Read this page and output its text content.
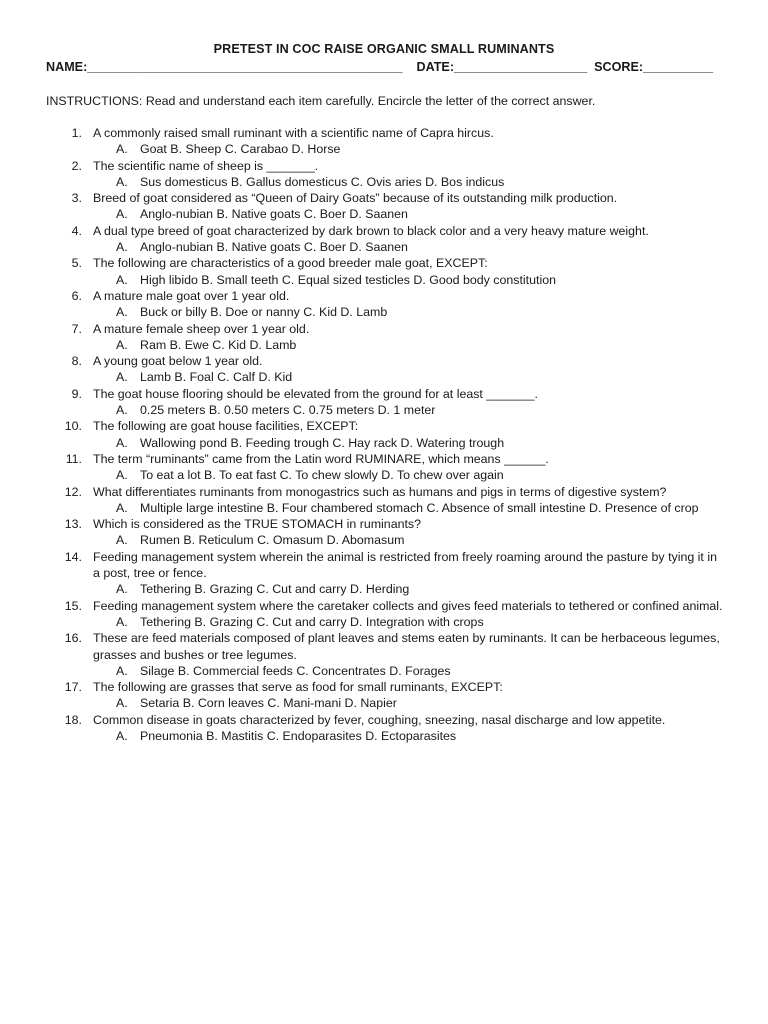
PRETEST IN COC RAISE ORGANIC SMALL RUMINANTS
NAME:_____________________________________________ DATE:___________________ SCORE:__________
INSTRUCTIONS: Read and understand each item carefully. Encircle the letter of the correct answer.
1. A commonly raised small ruminant with a scientific name of Capra hircus.
A. Goat B. Sheep C. Carabao D. Horse
2. The scientific name of sheep is _______.
A. Sus domesticus B. Gallus domesticus C. Ovis aries D. Bos indicus
3. Breed of goat considered as “Queen of Dairy Goats” because of its outstanding milk production.
A. Anglo-nubian B. Native goats C. Boer D. Saanen
4. A dual type breed of goat characterized by dark brown to black color and a very heavy mature weight.
A. Anglo-nubian B. Native goats C. Boer D. Saanen
5. The following are characteristics of a good breeder male goat, EXCEPT:
A. High libido B. Small teeth C. Equal sized testicles D. Good body constitution
6. A mature male goat over 1 year old.
A. Buck or billy B. Doe or nanny C. Kid D. Lamb
7. A mature female sheep over 1 year old.
A. Ram B. Ewe C. Kid D. Lamb
8. A young goat below 1 year old.
A. Lamb B. Foal C. Calf D. Kid
9. The goat house flooring should be elevated from the ground for at least _______.
A. 0.25 meters B. 0.50 meters C. 0.75 meters D. 1 meter
10. The following are goat house facilities, EXCEPT:
A. Wallowing pond B. Feeding trough C. Hay rack D. Watering trough
11. The term “ruminants” came from the Latin word RUMINARE, which means ______.
A. To eat a lot B. To eat fast C. To chew slowly D. To chew over again
12. What differentiates ruminants from monogastrics such as humans and pigs in terms of digestive system?
A. Multiple large intestine B. Four chambered stomach C. Absence of small intestine D. Presence of crop
13. Which is considered as the TRUE STOMACH in ruminants?
A. Rumen B. Reticulum C. Omasum D. Abomasum
14. Feeding management system wherein the animal is restricted from freely roaming around the pasture by tying it in a post, tree or fence.
A. Tethering B. Grazing C. Cut and carry D. Herding
15. Feeding management system where the caretaker collects and gives feed materials to tethered or confined animal.
A. Tethering B. Grazing C. Cut and carry D. Integration with crops
16. These are feed materials composed of plant leaves and stems eaten by ruminants. It can be herbaceous legumes, grasses and bushes or tree legumes.
A. Silage B. Commercial feeds C. Concentrates D. Forages
17. The following are grasses that serve as food for small ruminants, EXCEPT:
A. Setaria B. Corn leaves C. Mani-mani D. Napier
18. Common disease in goats characterized by fever, coughing, sneezing, nasal discharge and low appetite.
A. Pneumonia B. Mastitis C. Endoparasites D. Ectoparasites
